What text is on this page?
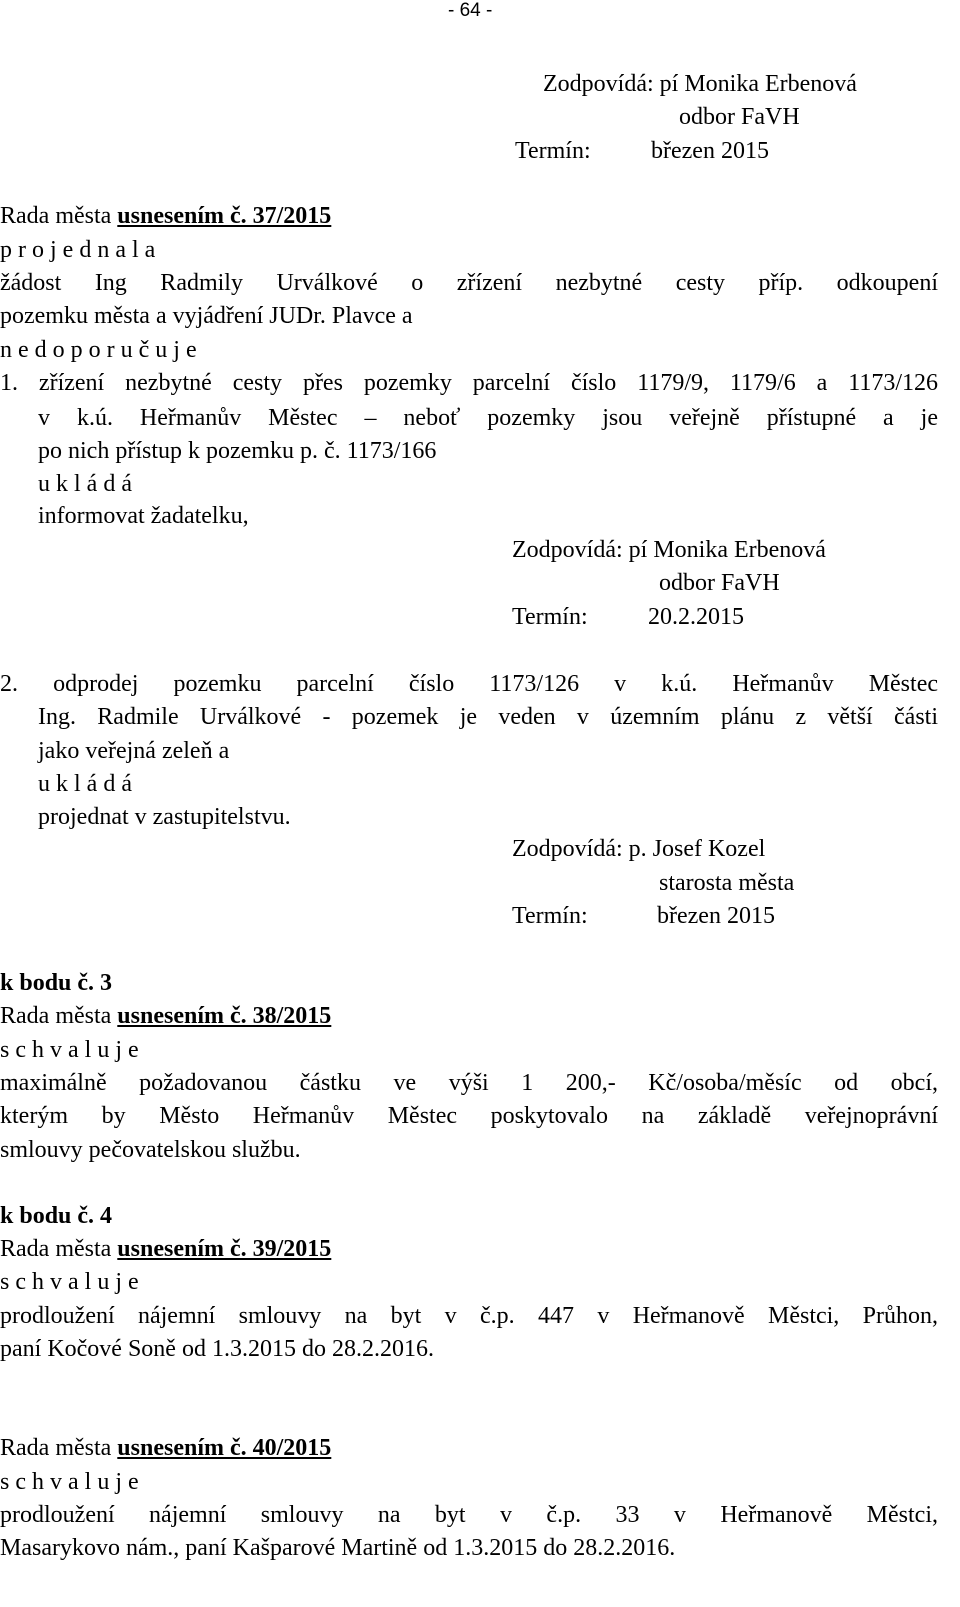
- 64 -
Zodpovídá: pí Monika Erbenová
odbor FaVH
Termín:	březen 2015
Rada města usnesením č. 37/2015
p r o j e d n a l a
žádost Ing Radmily Urválkové o zřízení nezbytné cesty příp. odkoupení
pozemku města a vyjádření JUDr. Plavce a
n e d o p o r u č u j e
1. zřízení nezbytné cesty přes pozemky parcelní číslo 1179/9, 1179/6 a 1173/126
v k.ú. Heřmanův Městec – neboť pozemky jsou veřejně přístupné a je
po nich přístup k pozemku p. č. 1173/166
u k l á d á
informovat žadatelku,
Zodpovídá: pí Monika Erbenová
odbor FaVH
Termín:	20.2.2015
2. odprodej pozemku parcelní číslo 1173/126 v k.ú. Heřmanův Městec
Ing. Radmile Urválkové - pozemek je veden v územním plánu z větší části
jako veřejná zeleň a
u k l á d á
projednat v zastupitelstvu.
Zodpovídá: p. Josef Kozel
starosta města
Termín:	březen 2015
k bodu č. 3
Rada města usnesením č. 38/2015
s c h v a l u j e
maximálně požadovanou částku ve výši 1 200,- Kč/osoba/měsíc od obcí,
kterým by Město Heřmanův Městec poskytovalo na základě veřejnoprávní
smlouvy pečovatelskou službu.
k bodu č. 4
Rada města usnesením č. 39/2015
s c h v a l u j e
prodloužení nájemní smlouvy na byt v č.p. 447 v Heřmanově Městci, Průhon,
paní Kočové Soně od 1.3.2015 do 28.2.2016.
Rada města usnesením č. 40/2015
s c h v a l u j e
prodloužení nájemní smlouvy na byt v č.p. 33 v Heřmanově Městci,
Masarykovo nám., paní Kašparové Martině od 1.3.2015 do 28.2.2016.
